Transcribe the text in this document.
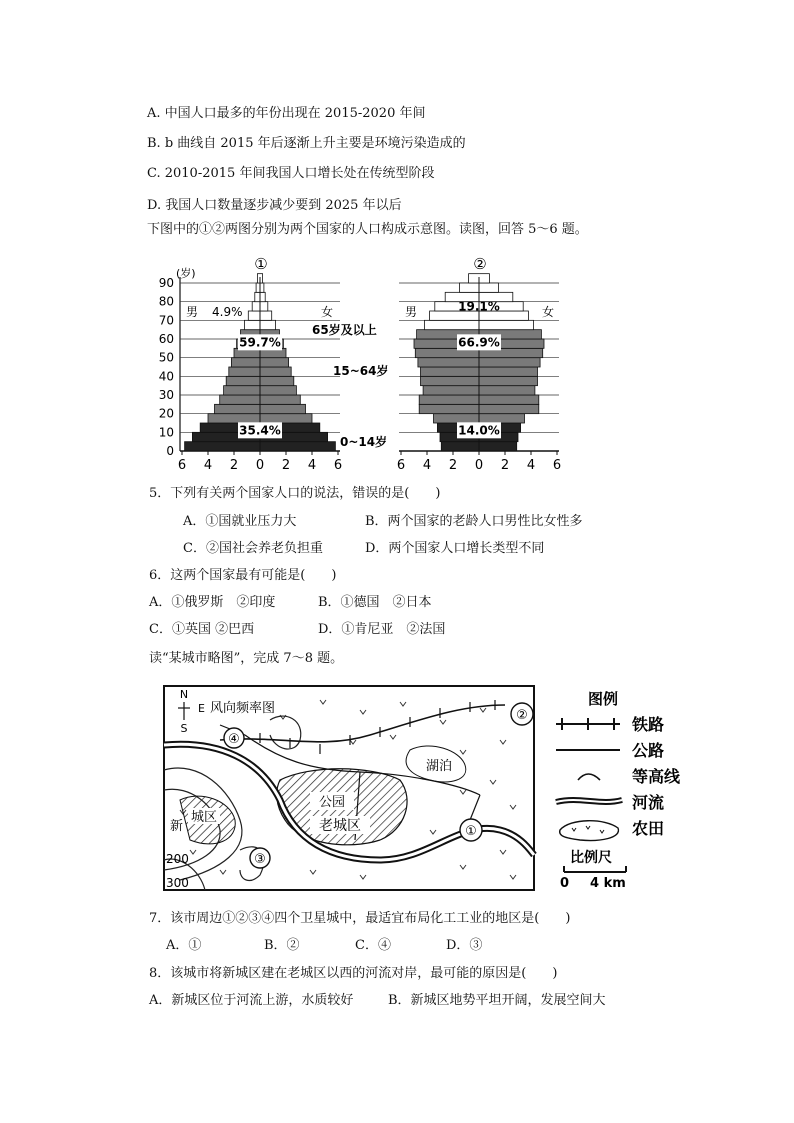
A. 中国人口最多的年份出现在 2015-2020 年间
B. b 曲线自 2015 年后逐渐上升主要是环境污染造成的
C. 2010-2015 年间我国人口增长处在传统型阶段
D. 我国人口数量逐步减少要到 2025 年以后
下图中的①②两图分别为两个国家的人口构成示意图。读图，回答 5～6 题。
(岁)
①	②
6 4 2 0 2 4 6
0
10
20
30
40
50
60
70
80
90
59.7%
35.4%
6 4 2 0 2 4 6
66.9%
14.0%
19.1%
男 4.9%	女	男	女
65岁及以上
15~64岁
0~14岁
5．下列有关两个国家人口的说法，错误的是(　　)
A．①国就业压力大	B．两个国家的老龄人口男性比女性多
C．②国社会养老负担重	D．两个国家人口增长类型不同
6．这两个国家最有可能是(　　)
A．①俄罗斯　②印度	B．①德国　②日本
C．①英国 ②巴西	D．①肯尼亚　②法国
读“某城市略图”，完成 7～8 题。
①
②
③
④
N
E
S
风向频率图
湖泊
公园
老城区
城区
新
200
300
图例
铁路
公路
等高线
河流
农田
比例尺
0 4 km
7．该市周边①②③④四个卫星城中，最适宜布局化工工业的地区是(　　)
A．①	B．②	C．④	D．③
8．该城市将新城区建在老城区以西的河流对岸，最可能的原因是(　　)
A．新城区位于河流上游，水质较好	B．新城区地势平坦开阔，发展空间大
